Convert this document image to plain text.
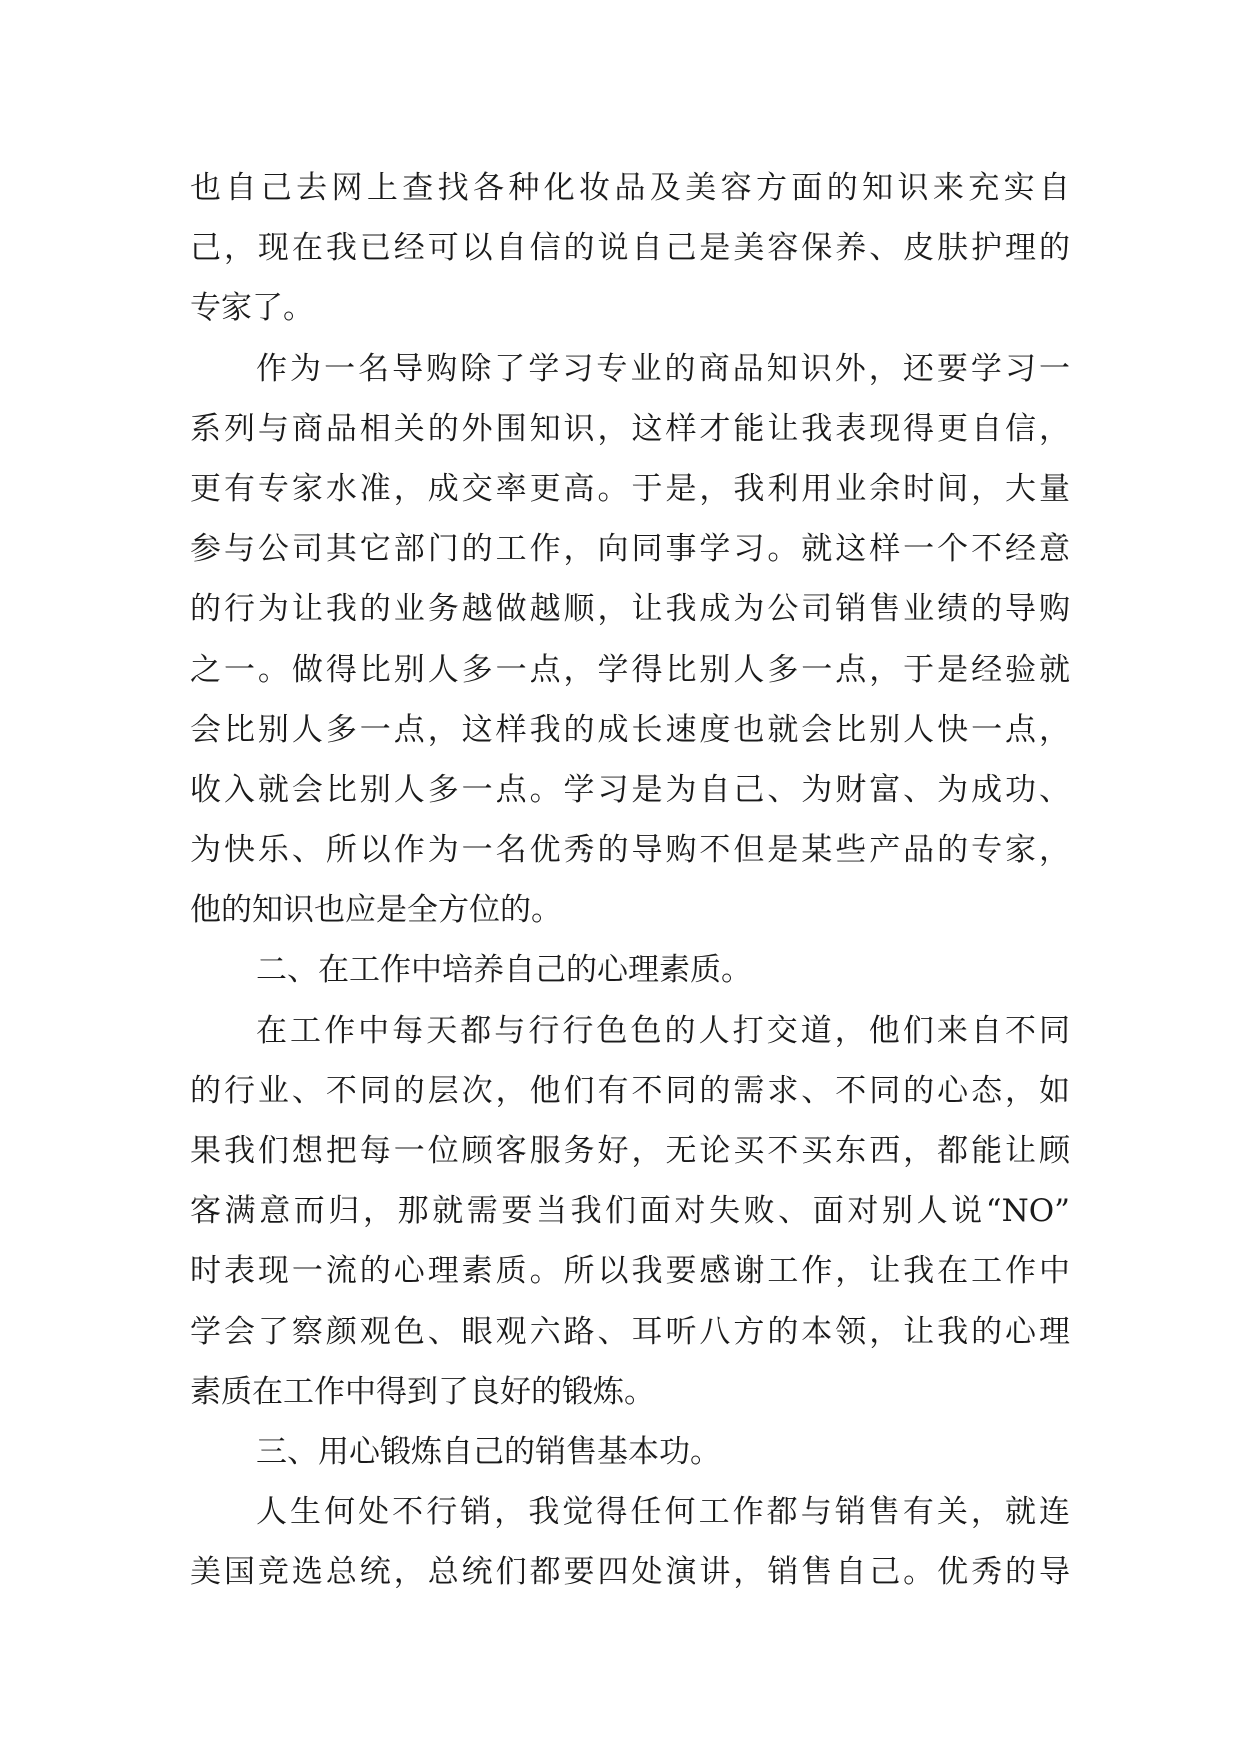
也自己去网上查找各种化妆品及美容方面的知识来充实自
己，现在我已经可以自信的说自己是美容保养、皮肤护理的
专家了。
作为一名导购除了学习专业的商品知识外，还要学习一
系列与商品相关的外围知识，这样才能让我表现得更自信，
更有专家水准，成交率更高。于是，我利用业余时间，大量
参与公司其它部门的工作，向同事学习。就这样一个不经意
的行为让我的业务越做越顺，让我成为公司销售业绩的导购
之一。做得比别人多一点，学得比别人多一点，于是经验就
会比别人多一点，这样我的成长速度也就会比别人快一点，
收入就会比别人多一点。学习是为自己、为财富、为成功、
为快乐、所以作为一名优秀的导购不但是某些产品的专家，
他的知识也应是全方位的。
二、在工作中培养自己的心理素质。
在工作中每天都与行行色色的人打交道，他们来自不同
的行业、不同的层次，他们有不同的需求、不同的心态，如
果我们想把每一位顾客服务好，无论买不买东西，都能让顾
客满意而归，那就需要当我们面对失败、面对别人说“NO”
时表现一流的心理素质。所以我要感谢工作，让我在工作中
学会了察颜观色、眼观六路、耳听八方的本领，让我的心理
素质在工作中得到了良好的锻炼。
三、用心锻炼自己的销售基本功。
人生何处不行销，我觉得任何工作都与销售有关，就连
美国竞选总统，总统们都要四处演讲，销售自己。优秀的导
